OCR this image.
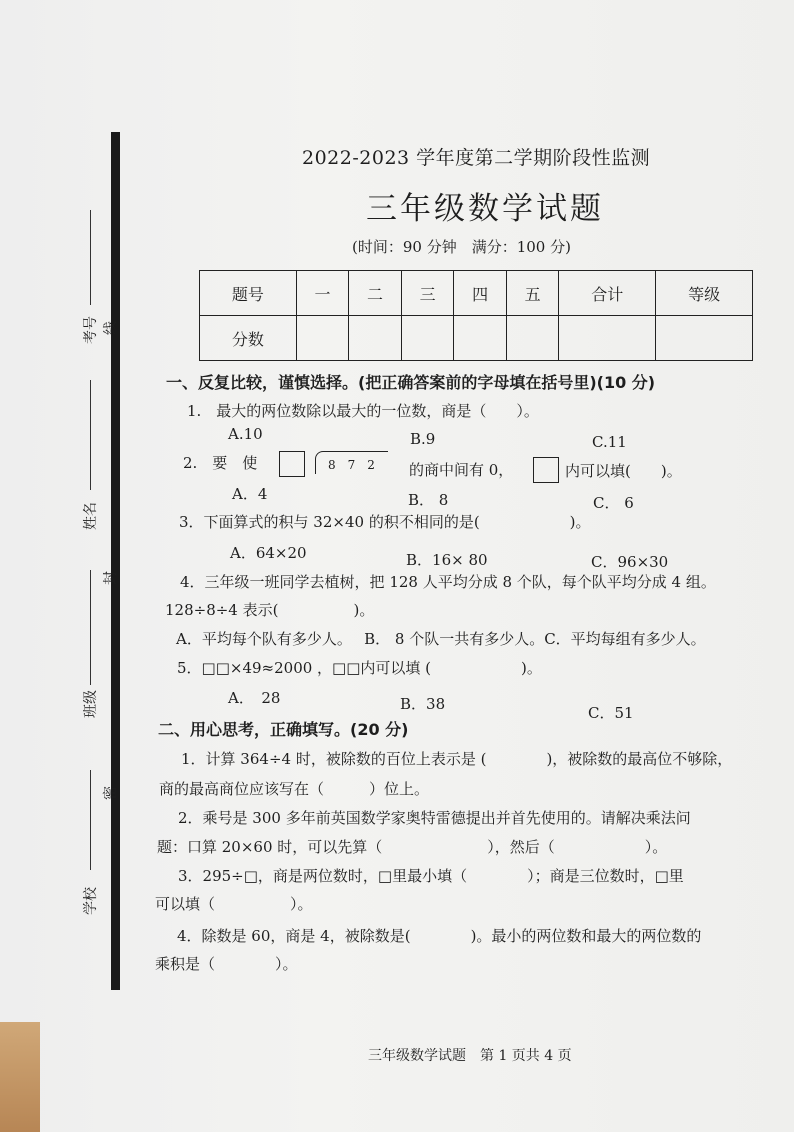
考号 线
姓名
封
班级
密
学校
2022-2023 学年度第二学期阶段性监测
三年级数学试题
(时间：90 分钟　满分：100 分)
题号	一	二	三	四	五	合计	等级
分数							
一、反复比较，谨慎选择。(把正确答案前的字母填在括号里)(10 分)
1.　最大的两位数除以最大的一位数，商是（　　）。
A.10	B.9	C.11
2.　要　使	8　7　2 的商中间有 0，	内可以填(　　)。
A．4	B． 8	C． 6
3．下面算式的积与 32×40 的积不相同的是(　　　　　　)。
A．64×20	B．16× 80	C．96×30
4．三年级一班同学去植树，把 128 人平均分成 8 个队，每个队平均分成 4 组。
128÷8÷4 表示(　　　　　)。
A．平均每个队有多少人。　 B． 8 个队一共有多少人。C．平均每组有多少人。
5．□□×49≈2000 ，□□内可以填 (　　　　　　)。
A．　28	B．38	C．51
二、用心思考，正确填写。(20 分)
1．计算 364÷4 时，被除数的百位上表示是 (　　　　)，被除数的最高位不够除，
商的最高商位应该写在（　　　）位上。
2．乘号是 300 多年前英国数学家奥特雷德提出并首先使用的。请解决乘法问
题：口算 20×60 时，可以先算（　　　　　　　），然后（　　　　　　）。
3．295÷□，商是两位数时，□里最小填（　　　　）；商是三位数时，□里
可以填（　　　　　）。
4．除数是 60，商是 4，被除数是(　　　　)。最小的两位数和最大的两位数的
乘积是（　　　　）。
三年级数学试题　第 1 页共 4 页
